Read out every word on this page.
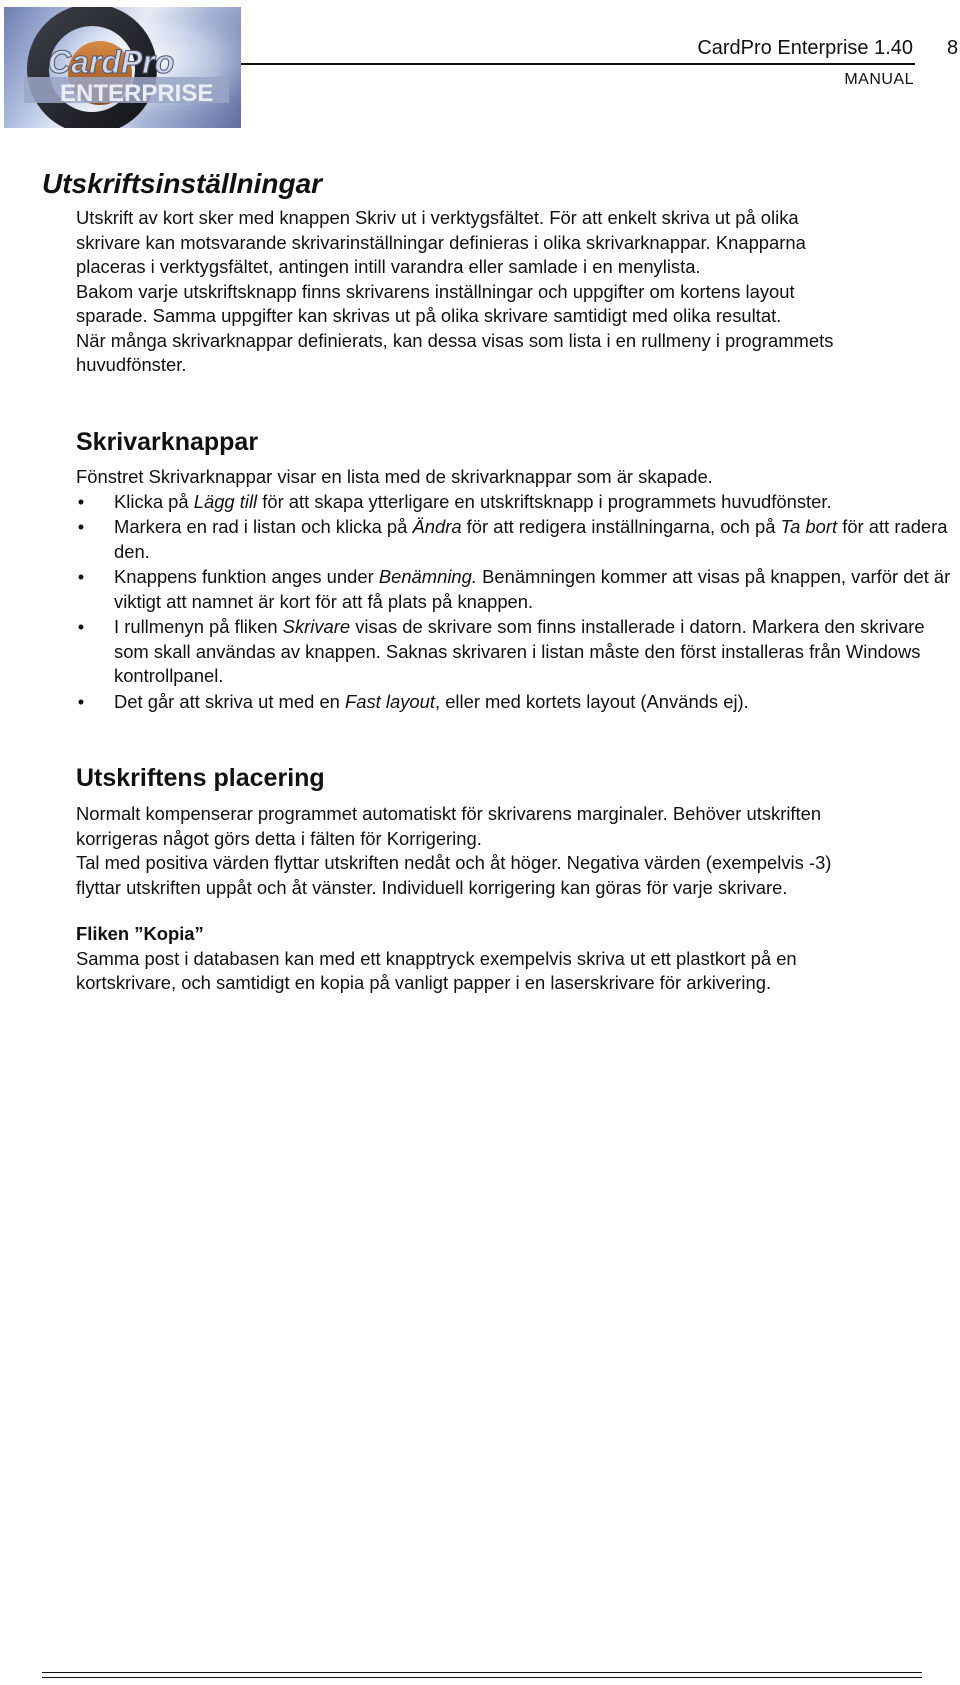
CardPro
ENTERPRISE
CardPro Enterprise 1.40 8
MANUAL
Utskriftsinställningar

Utskrift av kort sker med knappen Skriv ut i verktygsfältet. För att enkelt skriva ut på olika

skrivare kan motsvarande skrivarinställningar definieras i olika skrivarknappar. Knapparna

placeras i verktygsfältet, antingen intill varandra eller samlade i en menylista.

Bakom varje utskriftsknapp finns skrivarens inställningar och uppgifter om kortens layout

sparade. Samma uppgifter kan skrivas ut på olika skrivare samtidigt med olika resultat.

När många skrivarknappar definierats, kan dessa visas som lista i en rullmeny i programmets

huvudfönster.

Skrivarknappar

Fönstret Skrivarknappar visar en lista med de skrivarknappar som är skapade.

• Klicka på Lägg till för att skapa ytterligare en utskriftsknapp i programmets huvudfönster.
• Markera en rad i listan och klicka på Ändra för att redigera inställningarna, och på Ta bort för att radera den.
• Knappens funktion anges under Benämning. Benämningen kommer att visas på knappen, varför det är viktigt att namnet är kort för att få plats på knappen.
• I rullmenyn på fliken Skrivare visas de skrivare som finns installerade i datorn. Markera den skrivare som skall användas av knappen. Saknas skrivaren i listan måste den först installeras från Windows kontrollpanel.
• Det går att skriva ut med en Fast layout, eller med kortets layout (Används ej).
Utskriftens placering

Normalt kompenserar programmet automatiskt för skrivarens marginaler. Behöver utskriften

korrigeras något görs detta i fälten för Korrigering.

Tal med positiva värden flyttar utskriften nedåt och åt höger. Negativa värden (exempelvis -3)

flyttar utskriften uppåt och åt vänster. Individuell korrigering kan göras för varje skrivare.

Fliken ”Kopia”

Samma post i databasen kan med ett knapptryck exempelvis skriva ut ett plastkort på en

kortskrivare, och samtidigt en kopia på vanligt papper i en laserskrivare för arkivering.
